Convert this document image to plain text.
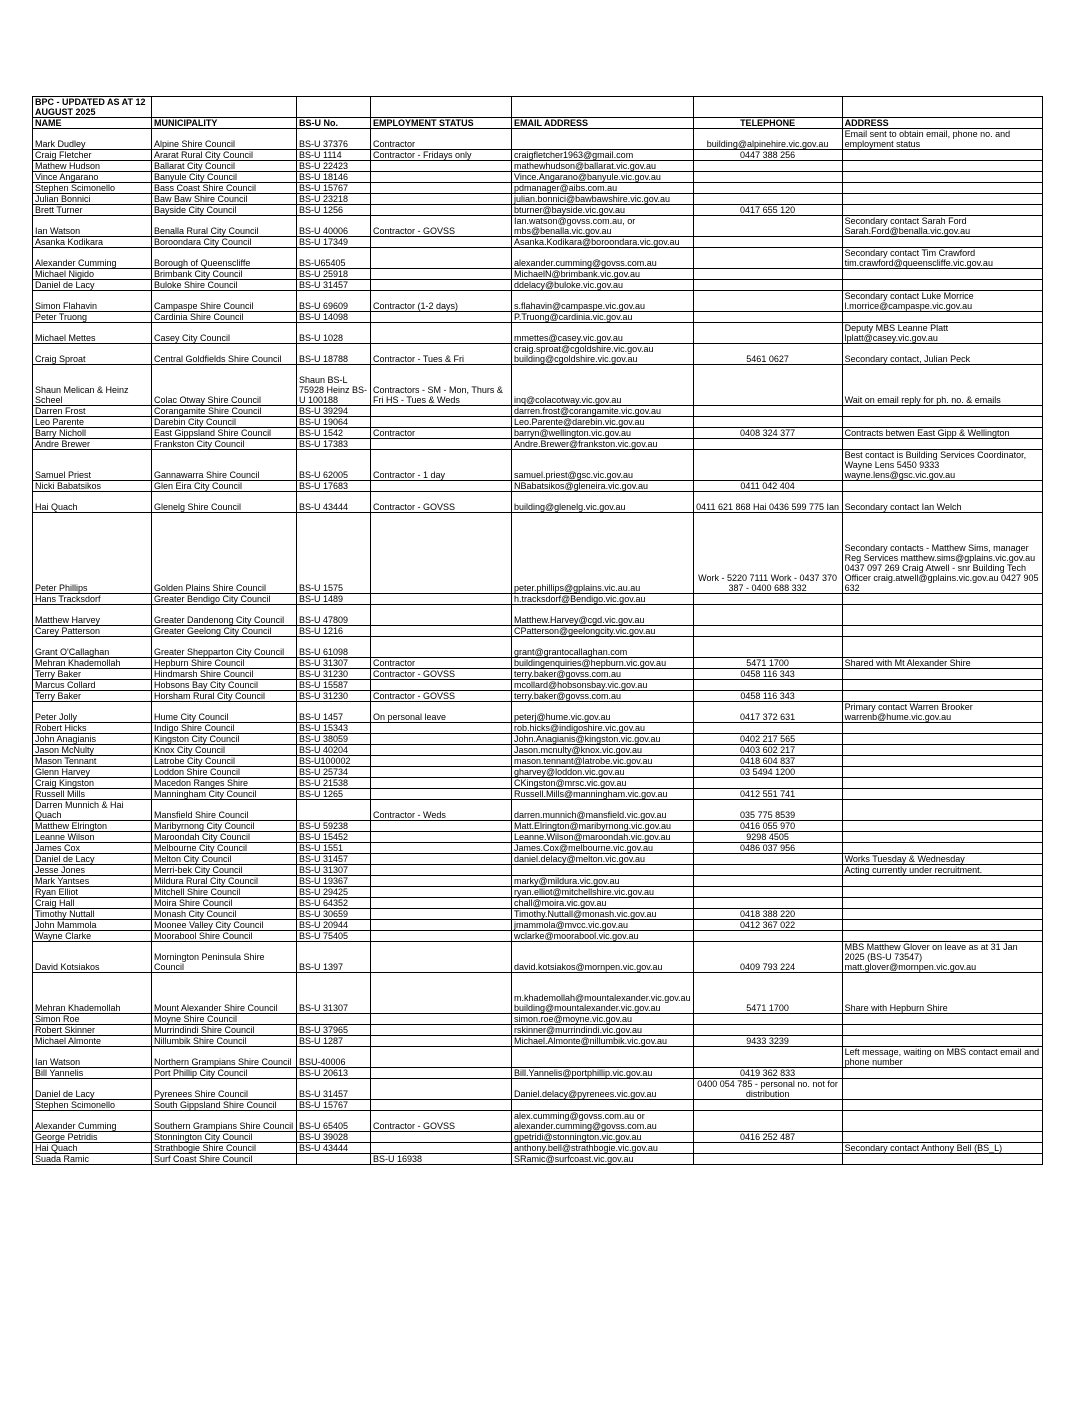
BPC - UPDATED AS AT 12 AUGUST 2025						
NAME	MUNICIPALITY	BS-U No.	EMPLOYMENT STATUS	EMAIL ADDRESS	TELEPHONE	ADDRESS
Mark Dudley	Alpine Shire Council	BS-U 37376	Contractor		building@alpinehire.vic.gov.au	Email sent to obtain email, phone no. and employment status
Craig Fletcher	Ararat Rural City Council	BS-U 1114	Contractor - Fridays only	craigfletcher1963@gmail.com	0447 388 256	
Mathew Hudson	Ballarat City Council	BS-U 22423		mathewhudson@ballarat.vic.gov.au		
Vince Angarano	Banyule City Council	BS-U 18146		Vince.Angarano@banyule.vic.gov.au		
Stephen Scimonello	Bass Coast Shire Council	BS-U 15767		pdmanager@aibs.com.au		
Julian Bonnici	Baw Baw Shire Council	BS-U 23218		julian.bonnici@bawbawshire.vic.gov.au		
Brett Turner	Bayside City Council	BS-U 1256		bturner@bayside.vic.gov.au	0417 655 120	
Ian Watson	Benalla Rural City Council	BS-U 40006	Contractor - GOVSS	Ian.watson@govss.com.au, or mbs@benalla.vic.gov.au		Secondary contact Sarah Ford Sarah.Ford@benalla.vic.gov.au
Asanka Kodikara	Boroondara City Council	BS-U 17349		Asanka.Kodikara@boroondara.vic.gov.au		
Alexander Cumming	Borough of Queenscliffe	BS-U65405		alexander.cumming@govss.com.au		Secondary contact Tim Crawford tim.crawford@queenscliffe.vic.gov.au
Michael Nigido	Brimbank City Council	BS-U 25918		MichaelN@brimbank.vic.gov.au		
Daniel de Lacy	Buloke Shire Council	BS-U 31457		ddelacy@buloke.vic.gov.au		
Simon Flahavin	Campaspe Shire Council	BS-U 69609	Contractor (1-2 days)	s.flahavin@campaspe.vic.gov.au		Secondary contact Luke Morrice l.morrice@campaspe.vic.gov.au
Peter Truong	Cardinia Shire Council	BS-U 14098		P.Truong@cardinia.vic.gov.au		
Michael Mettes	Casey City Council	BS-U 1028		mmettes@casey.vic.gov.au		Deputy MBS Leanne Platt lplatt@casey.vic.gov.au
Craig Sproat	Central Goldfields Shire Council	BS-U 18788	Contractor - Tues & Fri	craig.sproat@cgoldshire.vic.gov.au building@cgoldshire.vic.gov.au	5461 0627	Secondary contact, Julian Peck
Shaun Melican & Heinz Scheel	Colac Otway Shire Council	Shaun BS-L 75928 Heinz BS-U 100188	Contractors - SM - Mon, Thurs & Fri HS - Tues & Weds	inq@colacotway.vic.gov.au		Wait on email reply for ph. no. & emails
Darren Frost	Corangamite Shire Council	BS-U 39294		darren.frost@corangamite.vic.gov.au		
Leo Parente	Darebin City Council	BS-U 19064		Leo.Parente@darebin.vic.gov.au		
Barry Nicholl	East Gippsland Shire Council	BS-U 1542	Contractor	barryn@wellington.vic.gov.au	0408 324 377	Contracts betwen East Gipp & Wellington
Andre Brewer	Frankston City Council	BS-U 17383		Andre.Brewer@frankston.vic.gov.au		
Samuel Priest	Gannawarra Shire Council	BS-U 62005	Contractor - 1 day	samuel.priest@gsc.vic.gov.au		Best contact is Building Services Coordinator, Wayne Lens 5450 9333 wayne.lens@gsc.vic.gov.au
Nicki Babatsikos	Glen Eira City Council	BS-U 17683		NBabatsikos@gleneira.vic.gov.au	0411 042 404	
Hai Quach	Glenelg Shire Council	BS-U 43444	Contractor - GOVSS	building@glenelg.vic.gov.au	0411 621 868 Hai 0436 599 775 Ian	Secondary contact Ian Welch
Peter Phillips	Golden Plains Shire Council	BS-U 1575		peter.phillips@gplains.vic.au.au	Work - 5220 7111 Work - 0437 370 387 - 0400 688 332	Secondary contacts - Matthew Sims, manager Reg Services matthew.sims@gplains.vic.gov.au 0437 097 269 Craig Atwell - snr Building Tech Officer craig.atwell@gplains.vic.gov.au 0427 905 632
Hans Tracksdorf	Greater Bendigo City Council	BS-U 1489		h.tracksdorf@Bendigo.vic.gov.au		
Matthew Harvey	Greater Dandenong City Council	BS-U 47809		Matthew.Harvey@cgd.vic.gov.au		
Carey Patterson	Greater Geelong City Council	BS-U 1216		CPatterson@geelongcity.vic.gov.au		
Grant O'Callaghan	Greater Shepparton City Council	BS-U 61098		grant@grantocallaghan.com		
Mehran Khademollah	Hepburn Shire Council	BS-U 31307	Contractor	buildingenquiries@hepburn.vic.gov.au	5471 1700	Shared with Mt Alexander Shire
Terry Baker	Hindmarsh Shire Council	BS-U 31230	Contractor - GOVSS	terry.baker@govss.com.au	0458 116 343	
Marcus Collard	Hobsons Bay City Council	BS-U 15587		mcollard@hobsonsbay.vic.gov.au		
Terry Baker	Horsham Rural City Council	BS-U 31230	Contractor - GOVSS	terry.baker@govss.com.au	0458 116 343	
Peter Jolly	Hume City Council	BS-U 1457	On personal leave	peterj@hume.vic.gov.au	0417 372 631	Primary contact Warren Brooker warrenb@hume.vic.gov.au
Robert Hicks	Indigo Shire Council	BS-U 15343		rob.hicks@indigoshire.vic.gov.au		
John Anagianis	Kingston City Council	BS-U 38059		John.Anagianis@kingston.vic.gov.au	0402 217 565	
Jason McNulty	Knox City Council	BS-U 40204		Jason.mcnulty@knox.vic.gov.au	0403 602 217	
Mason Tennant	Latrobe City Council	BS-U100002		mason.tennant@latrobe.vic.gov.au	0418 604 837	
Glenn Harvey	Loddon Shire Council	BS-U 25734		gharvey@loddon.vic.gov.au	03 5494 1200	
Craig Kingston	Macedon Ranges Shire	BS-U 21538		CKingston@mrsc.vic.gov.au		
Russell Mills	Manningham City Council	BS-U 1265		Russell.Mills@manningham.vic.gov.au	0412 551 741	
Darren Munnich & Hai Quach	Mansfield Shire Council		Contractor - Weds	darren.munnich@mansfield.vic.gov.au	035 775 8539	
Matthew Elrington	Maribyrnong City Council	BS-U 59238		Matt.Elrington@maribyrnong.vic.gov.au	0416 055 970	
Leanne Wilson	Maroondah City Council	BS-U 15452		Leanne.Wilson@maroondah.vic.gov.au	9298 4505	
James Cox	Melbourne City Council	BS-U 1551		James.Cox@melbourne.vic.gov.au	0486 037 956	
Daniel de Lacy	Melton City Council	BS-U 31457		daniel.delacy@melton.vic.gov.au		Works Tuesday & Wednesday
Jesse Jones	Merri-bek City Council	BS-U 31307				Acting currently under recruitment.
Mark Yantses	Mildura Rural City Council	BS-U 19367		marky@mildura.vic.gov.au		
Ryan Elliot	Mitchell Shire Council	BS-U 29425		ryan.elliot@mitchellshire.vic.gov.au		
Craig Hall	Moira Shire Council	BS-U 64352		chall@moira.vic.gov.au		
Timothy Nuttall	Monash City Council	BS-U 30659		Timothy.Nuttall@monash.vic.gov.au	0418 388 220	
John Mammola	Moonee Valley City Council	BS-U 20944		jmammola@mvcc.vic.gov.au	0412 367 022	
Wayne Clarke	Moorabool Shire Council	BS-U 75405		wclarke@moorabool.vic.gov.au		
David Kotsiakos	Mornington Peninsula Shire Council	BS-U 1397		david.kotsiakos@mornpen.vic.gov.au	0409 793 224	MBS Matthew Glover on leave as at 31 Jan 2025 (BS-U 73547) matt.glover@mornpen.vic.gov.au
Mehran Khademollah	Mount Alexander Shire Council	BS-U 31307		m.khademollah@mountalexander.vic.gov.au building@mountalexander.vic.gov.au	5471 1700	Share with Hepburn Shire
Simon Roe	Moyne Shire Council			simon.roe@moyne.vic.gov.au		
Robert Skinner	Murrindindi Shire Council	BS-U 37965		rskinner@murrindindi.vic.gov.au		
Michael Almonte	Nillumbik Shire Council	BS-U 1287		Michael.Almonte@nillumbik.vic.gov.au	9433 3239	
Ian Watson	Northern Grampians Shire Council	BSU-40006				Left message, waiting on MBS contact email and phone number
Bill Yannelis	Port Phillip City Council	BS-U 20613		Bill.Yannelis@portphillip.vic.gov.au	0419 362 833	
Daniel de Lacy	Pyrenees Shire Council	BS-U 31457		Daniel.delacy@pyrenees.vic.gov.au	0400 054 785 - personal no. not for distribution	
Stephen Scimonello	South Gippsland Shire Council	BS-U 15767				
Alexander Cumming	Southern Grampians Shire Council	BS-U 65405	Contractor - GOVSS	alex.cumming@govss.com.au or alexander.cumming@govss.com.au		
George Petridis	Stonnington City Council	BS-U 39028		gpetridi@stonnington.vic.gov.au	0416 252 487	
Hai Quach	Strathbogie Shire Council	BS-U 43444		anthony.bell@strathbogie.vic.gov.au		Secondary contact Anthony Bell (BS_L)
Suada Ramic	Surf Coast Shire Council		BS-U 16938	SRamic@surfcoast.vic.gov.au		
